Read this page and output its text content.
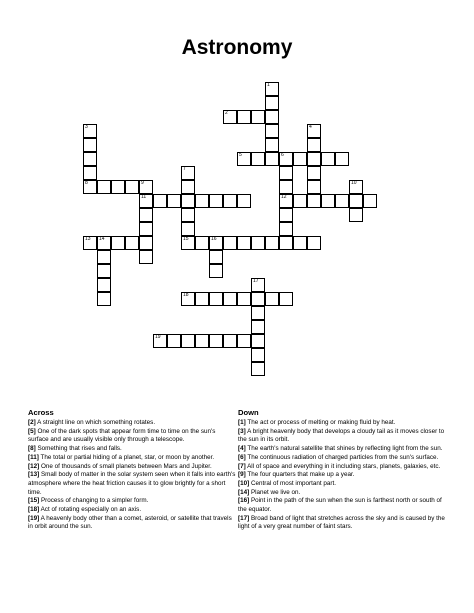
Astronomy
2
1
3
8
4
5	6
12
9
7
15
11
10
13 14	16
17
18
19
Across

[2] A straight line on which something rotates.

[5] One of the dark spots that appear form time to time on the sun's surface and are usually visible only through a telescope.

[8] Something that rises and falls.

[11] The total or partial hiding of a planet, star, or moon by another.

[12] One of thousands of small planets between Mars and Jupiter.

[13] Small body of matter in the solar system seen when it falls into earth's atmosphere where the heat friction causes it to glow brightly for a short time.

[15] Process of changing to a simpler form.

[18] Act of rotating especially on an axis.

[19] A heavenly body other than a comet, asteroid, or satellite that travels in orbit around the sun.

Down

[1] The act or process of melting or making fluid by heat.

[3] A bright heavenly body that develops a cloudy tail as it moves closer to the sun in its orbit.

[4] The earth's natural satellite that shines by reflecting light from the sun.

[6] The continuous radiation of charged particles from the sun's surface.

[7] All of space and everything in it including stars, planets, galaxies, etc.

[9] The four quarters that make up a year.

[10] Central of most important part.

[14] Planet we live on.

[16] Point in the path of the sun when the sun is farthest north or south of the equator.

[17] Broad band of light that stretches across the sky and is caused by the light of a very great number of faint stars.
